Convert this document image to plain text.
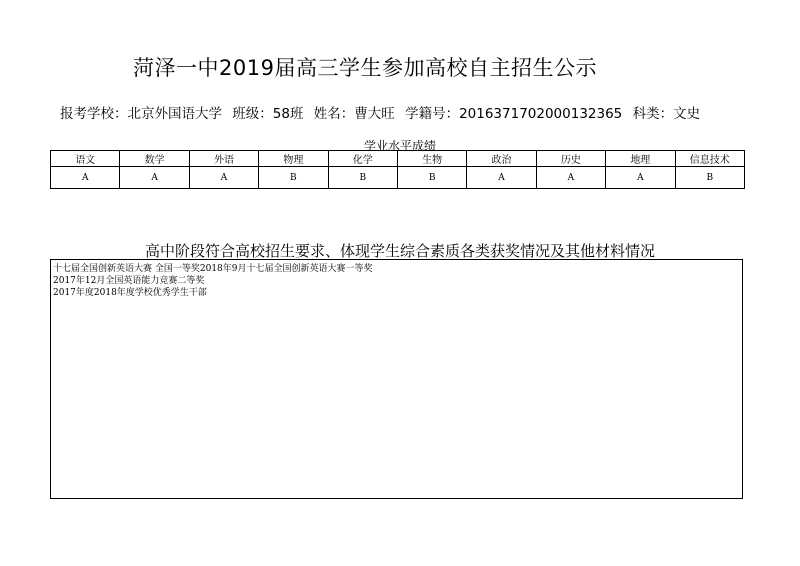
菏泽一中2019届高三学生参加高校自主招生公示
报考学校：北京外国语大学 班级：58班 姓名：曹大旺 学籍号：2016371702000132365 科类：文史
学业水平成绩
语文	数学	外语	物理	化学	生物	政治	历史	地理	信息技术
A	A	A	B	B	B	A	A	A	B
高中阶段符合高校招生要求、体现学生综合素质各类获奖情况及其他材料情况
十七届全国创新英语大赛 全国一等奖2018年9月十七届全国创新英语大赛一等奖
2017年12月全国英语能力竞赛二等奖
2017年度2018年度学校优秀学生干部
